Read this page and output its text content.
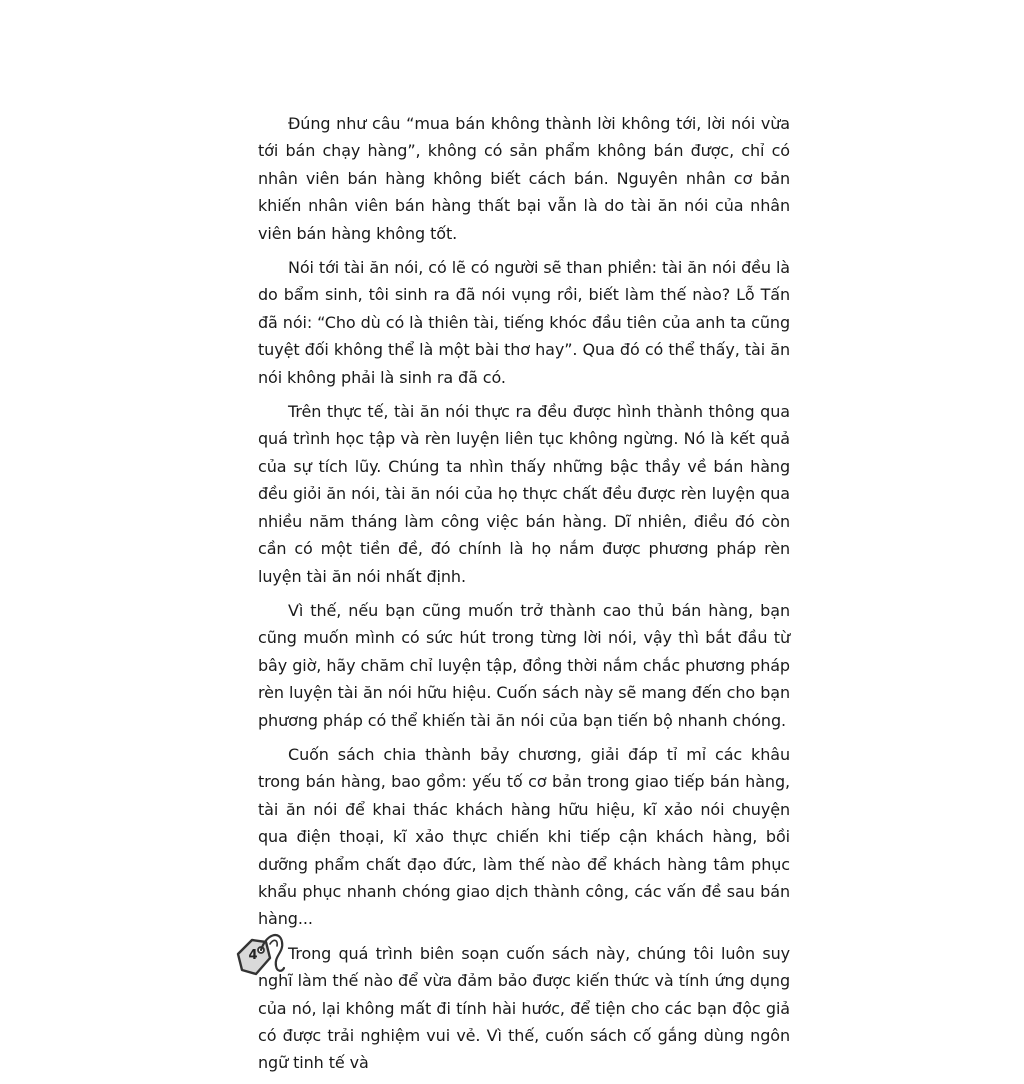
Đúng như câu “mua bán không thành lời không tới, lời nói vừa tới bán chạy hàng”, không có sản phẩm không bán được, chỉ có nhân viên bán hàng không biết cách bán. Nguyên nhân cơ bản khiến nhân viên bán hàng thất bại vẫn là do tài ăn nói của nhân viên bán hàng không tốt.

Nói tới tài ăn nói, có lẽ có người sẽ than phiền: tài ăn nói đều là do bẩm sinh, tôi sinh ra đã nói vụng rồi, biết làm thế nào? Lỗ Tấn đã nói: “Cho dù có là thiên tài, tiếng khóc đầu tiên của anh ta cũng tuyệt đối không thể là một bài thơ hay”. Qua đó có thể thấy, tài ăn nói không phải là sinh ra đã có.

Trên thực tế, tài ăn nói thực ra đều được hình thành thông qua quá trình học tập và rèn luyện liên tục không ngừng. Nó là kết quả của sự tích lũy. Chúng ta nhìn thấy những bậc thầy về bán hàng đều giỏi ăn nói, tài ăn nói của họ thực chất đều được rèn luyện qua nhiều năm tháng làm công việc bán hàng. Dĩ nhiên, điều đó còn cần có một tiền đề, đó chính là họ nắm được phương pháp rèn luyện tài ăn nói nhất định.

Vì thế, nếu bạn cũng muốn trở thành cao thủ bán hàng, bạn cũng muốn mình có sức hút trong từng lời nói, vậy thì bắt đầu từ bây giờ, hãy chăm chỉ luyện tập, đồng thời nắm chắc phương pháp rèn luyện tài ăn nói hữu hiệu. Cuốn sách này sẽ mang đến cho bạn phương pháp có thể khiến tài ăn nói của bạn tiến bộ nhanh chóng.

Cuốn sách chia thành bảy chương, giải đáp tỉ mỉ các khâu trong bán hàng, bao gồm: yếu tố cơ bản trong giao tiếp bán hàng, tài ăn nói để khai thác khách hàng hữu hiệu, kĩ xảo nói chuyện qua điện thoại, kĩ xảo thực chiến khi tiếp cận khách hàng, bồi dưỡng phẩm chất đạo đức, làm thế nào để khách hàng tâm phục khẩu phục nhanh chóng giao dịch thành công, các vấn đề sau bán hàng...

Trong quá trình biên soạn cuốn sách này, chúng tôi luôn suy nghĩ làm thế nào để vừa đảm bảo được kiến thức và tính ứng dụng của nó, lại không mất đi tính hài hước, để tiện cho các bạn độc giả có được trải nghiệm vui vẻ. Vì thế, cuốn sách cố gắng dùng ngôn ngữ tinh tế và

4
